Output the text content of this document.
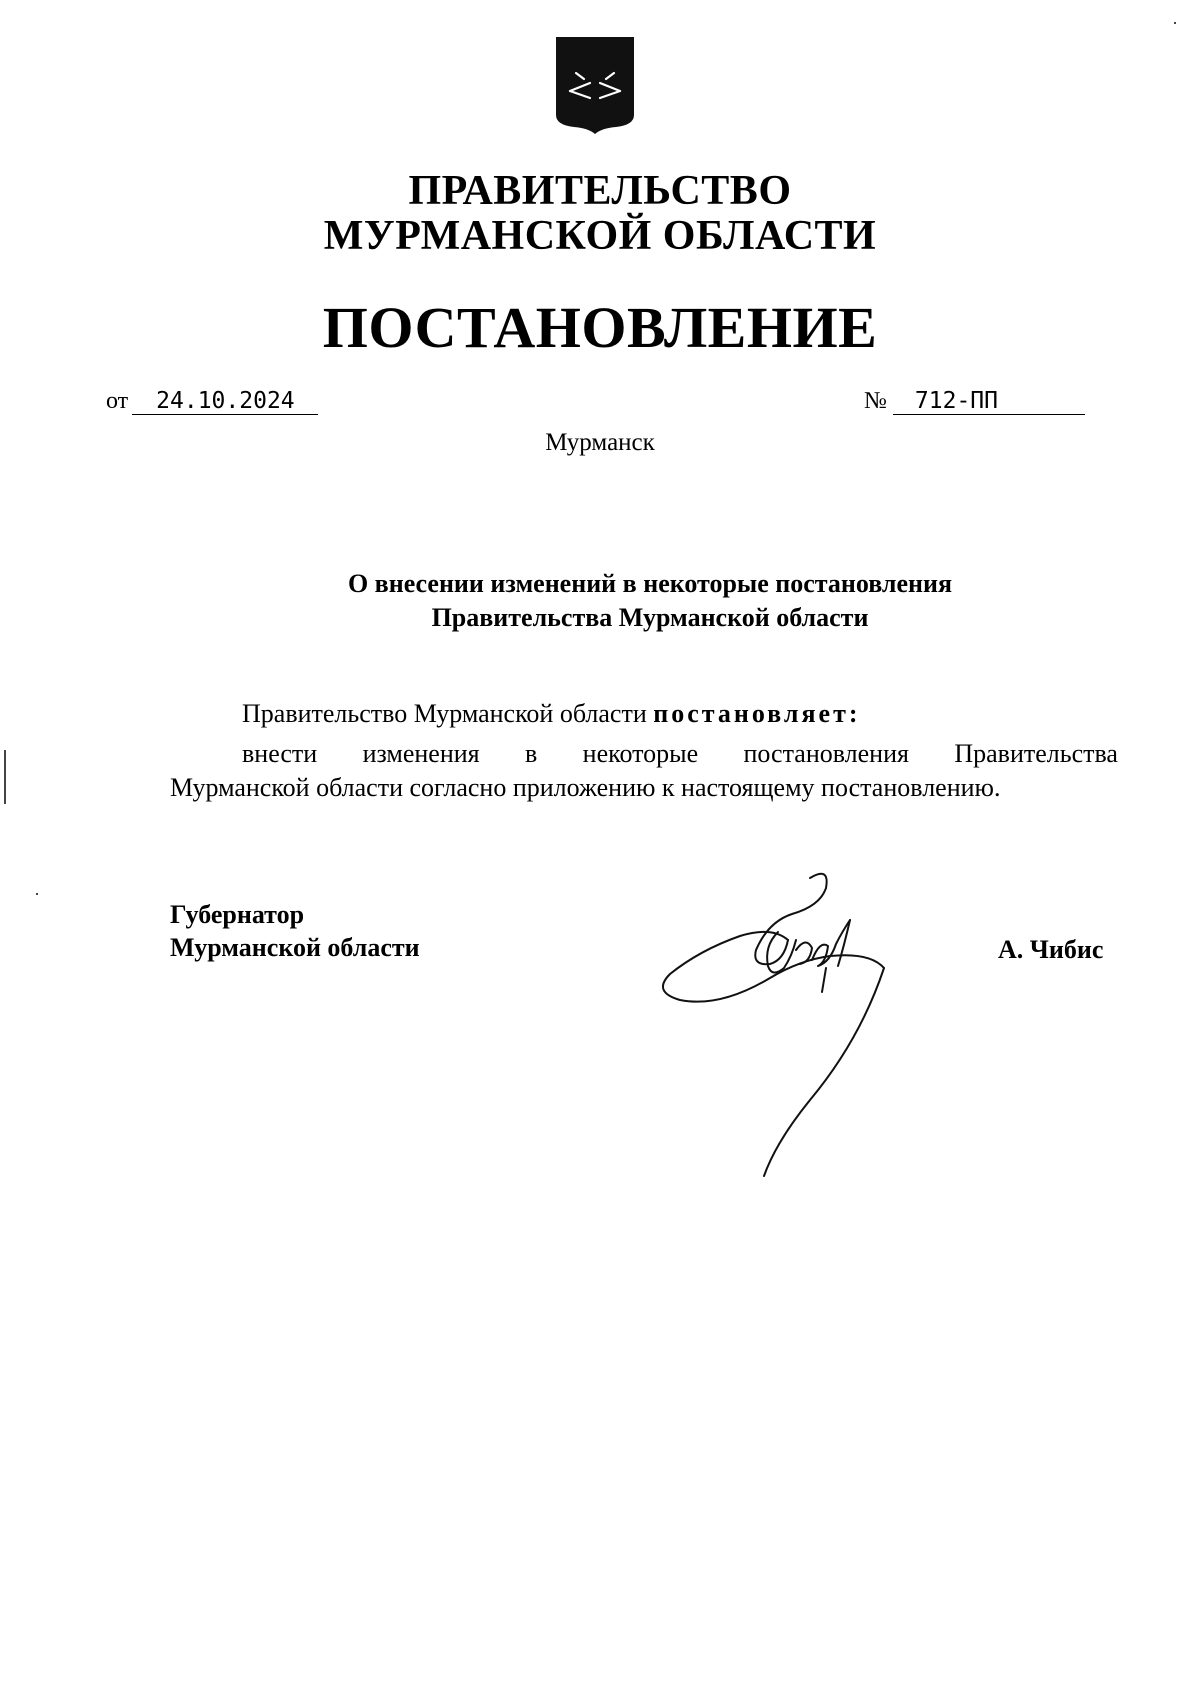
ПРАВИТЕЛЬСТВО
МУРМАНСКОЙ ОБЛАСТИ
ПОСТАНОВЛЕНИЕ
от 24.10.2024	№ 712-ПП
Мурманск
О внесении изменений в некоторые постановления
Правительства Мурманской области
Правительство Мурманской области постановляет:
внести изменения в некоторые постановления Правительства
Мурманской области согласно приложению к настоящему постановлению.
Губернатор
Мурманской области	А. Чибис
